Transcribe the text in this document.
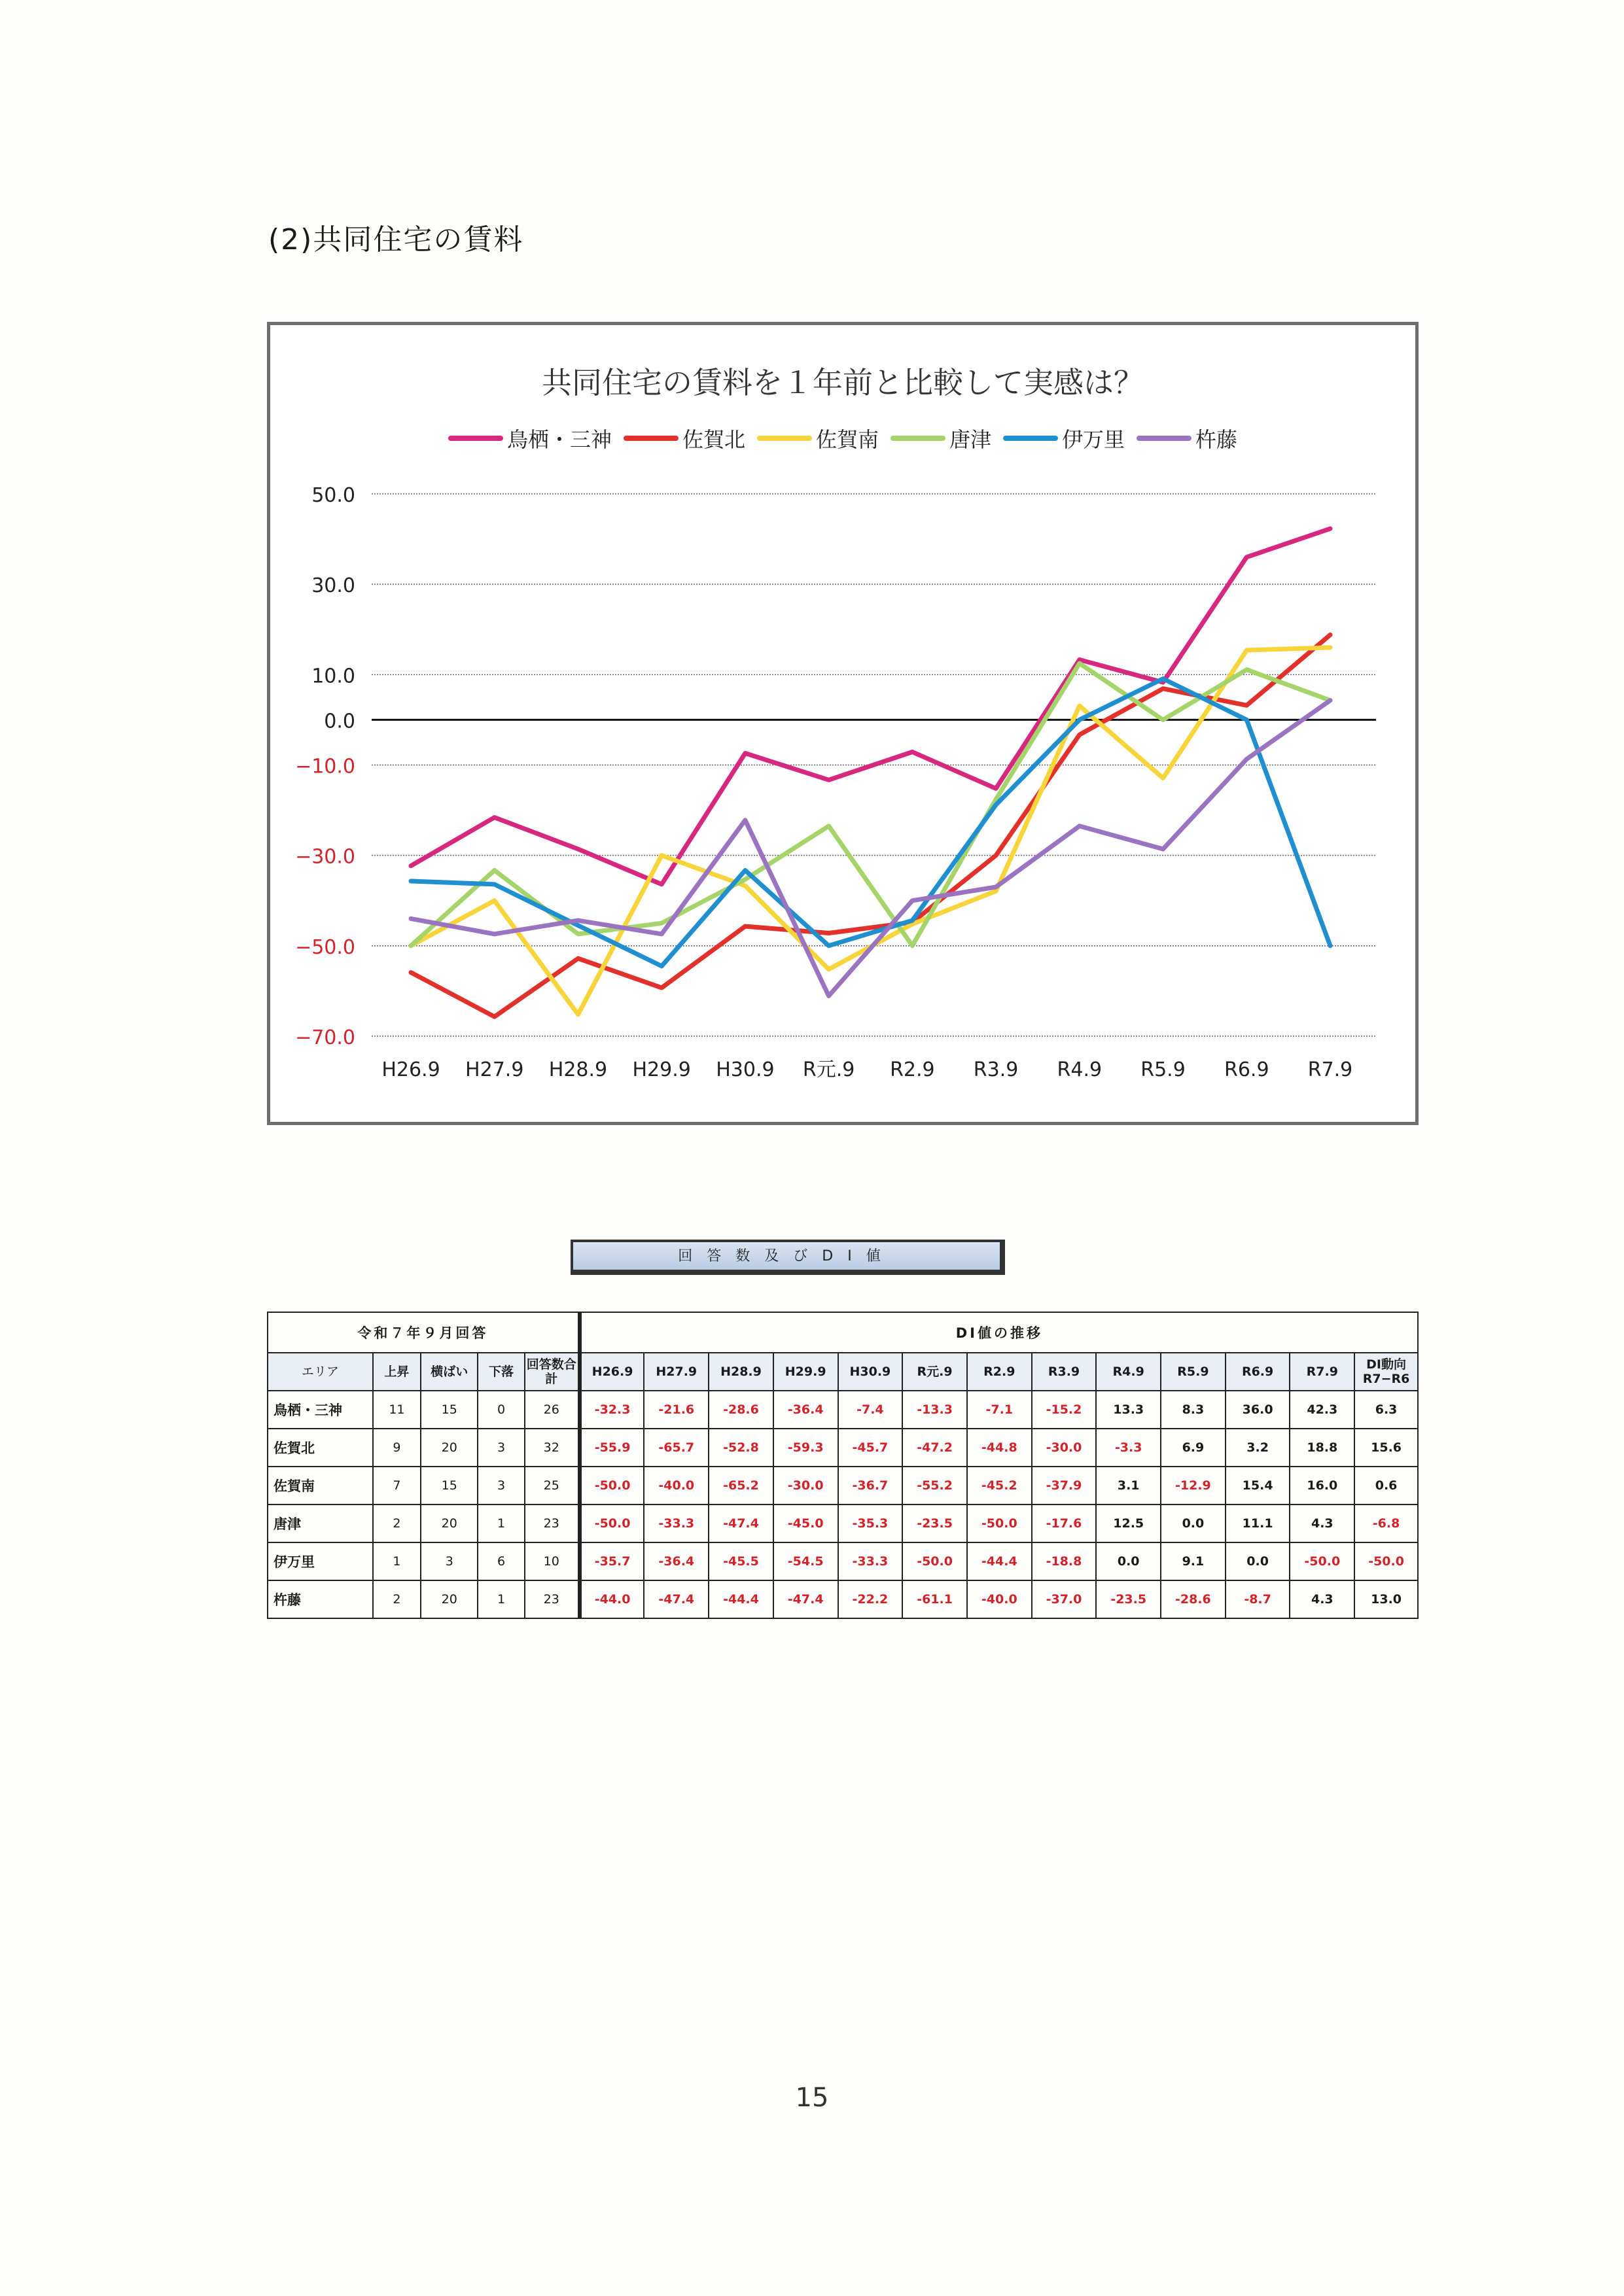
(2)共同住宅の賃料
共同住宅の賃料を１年前と比較して実感は？
鳥栖・三神	佐賀北	佐賀南	唐津	伊万里	杵藤
50.0
30.0
10.0
0.0
−10.0
−30.0
−50.0
−70.0
H26.9 H27.9 H28.9 H29.9 H30.9 R元.9 R2.9 R3.9 R4.9 R5.9 R6.9 R7.9
回答数及びDI値
令和７年９月回答					DI値の推移												
エリア	上昇	横ばい	下落	回答数合計	H26.9	H27.9	H28.9	H29.9	H30.9	R元.9	R2.9	R3.9	R4.9	R5.9	R6.9	R7.9	DI動向R7−R6
鳥栖・三神	11	15	0	26	-32.3	-21.6	-28.6	-36.4	-7.4	-13.3	-7.1	-15.2	13.3	8.3	36.0	42.3	6.3
佐賀北	9	20	3	32	-55.9	-65.7	-52.8	-59.3	-45.7	-47.2	-44.8	-30.0	-3.3	6.9	3.2	18.8	15.6
佐賀南	7	15	3	25	-50.0	-40.0	-65.2	-30.0	-36.7	-55.2	-45.2	-37.9	3.1	-12.9	15.4	16.0	0.6
唐津	2	20	1	23	-50.0	-33.3	-47.4	-45.0	-35.3	-23.5	-50.0	-17.6	12.5	0.0	11.1	4.3	-6.8
伊万里	1	3	6	10	-35.7	-36.4	-45.5	-54.5	-33.3	-50.0	-44.4	-18.8	0.0	9.1	0.0	-50.0	-50.0
杵藤	2	20	1	23	-44.0	-47.4	-44.4	-47.4	-22.2	-61.1	-40.0	-37.0	-23.5	-28.6	-8.7	4.3	13.0
15
